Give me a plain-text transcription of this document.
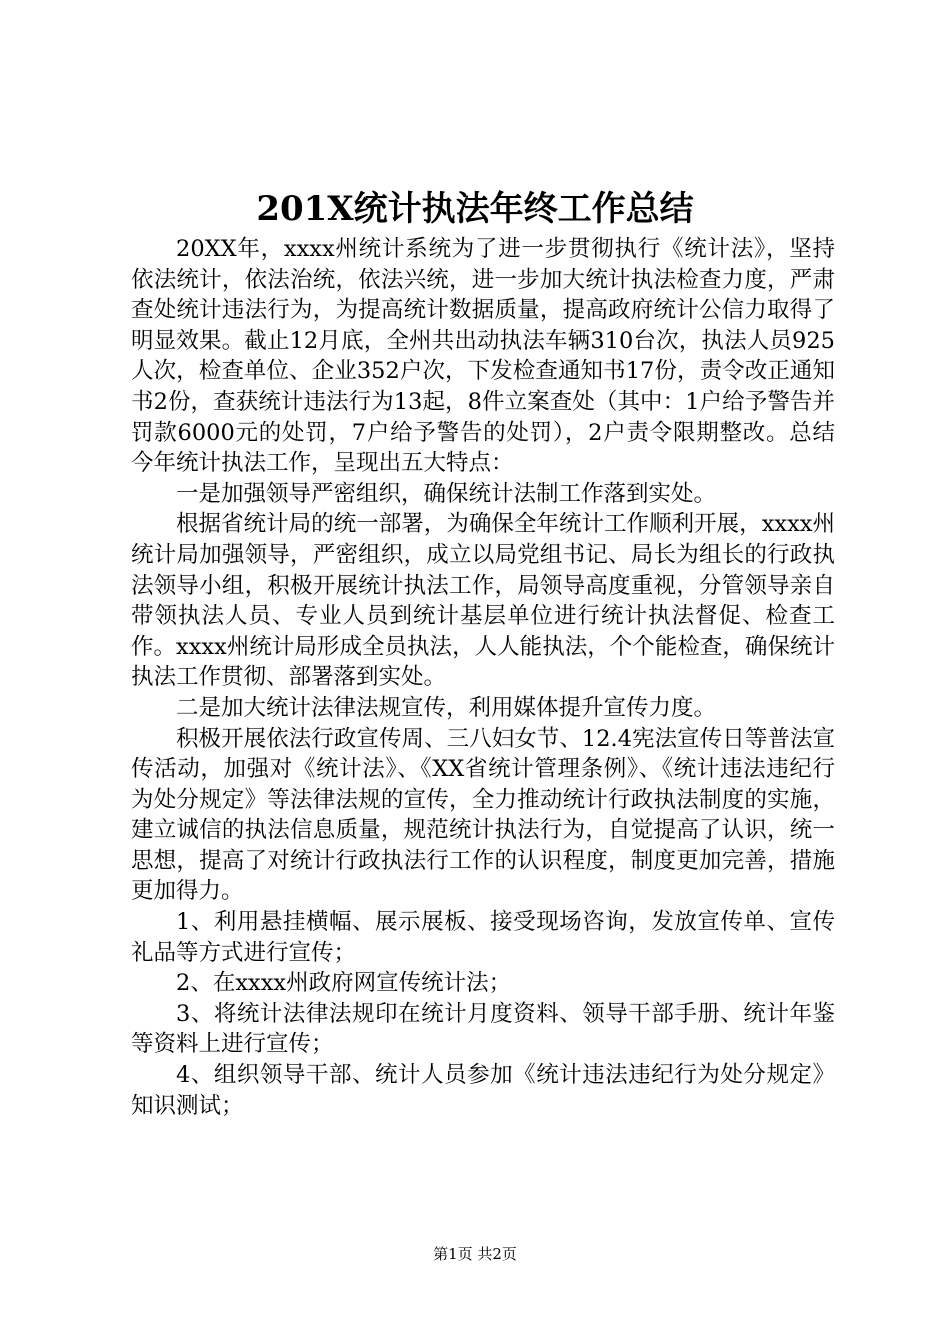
201X统计执法年终工作总结

20XX年，xxxx州统计系统为了进一步贯彻执行《统计法》，坚持依法统计，依法治统，依法兴统，进一步加大统计执法检查力度，严肃查处统计违法行为，为提高统计数据质量，提高政府统计公信力取得了明显效果。截止12月底，全州共出动执法车辆310台次，执法人员925人次，检查单位、企业352户次，下发检查通知书17份，责令改正通知书2份，查获统计违法行为13起，8件立案查处（其中：1户给予警告并罚款6000元的处罚，7户给予警告的处罚），2户责令限期整改。总结今年统计执法工作，呈现出五大特点：

一是加强领导严密组织，确保统计法制工作落到实处。

根据省统计局的统一部署，为确保全年统计工作顺利开展，xxxx州统计局加强领导，严密组织，成立以局党组书记、局长为组长的行政执法领导小组，积极开展统计执法工作，局领导高度重视，分管领导亲自带领执法人员、专业人员到统计基层单位进行统计执法督促、检查工作。xxxx州统计局形成全员执法，人人能执法，个个能检查，确保统计执法工作贯彻、部署落到实处。

二是加大统计法律法规宣传，利用媒体提升宣传力度。

积极开展依法行政宣传周、三八妇女节、12.4宪法宣传日等普法宣传活动，加强对《统计法》、《XX省统计管理条例》、《统计违法违纪行为处分规定》等法律法规的宣传，全力推动统计行政执法制度的实施，建立诚信的执法信息质量，规范统计执法行为，自觉提高了认识，统一思想，提高了对统计行政执法行工作的认识程度，制度更加完善，措施更加得力。

1、利用悬挂横幅、展示展板、接受现场咨询，发放宣传单、宣传礼品等方式进行宣传；

2、在xxxx州政府网宣传统计法；

3、将统计法律法规印在统计月度资料、领导干部手册、统计年鉴等资料上进行宣传；

4、组织领导干部、统计人员参加《统计违法违纪行为处分规定》知识测试；

第1页 共2页
